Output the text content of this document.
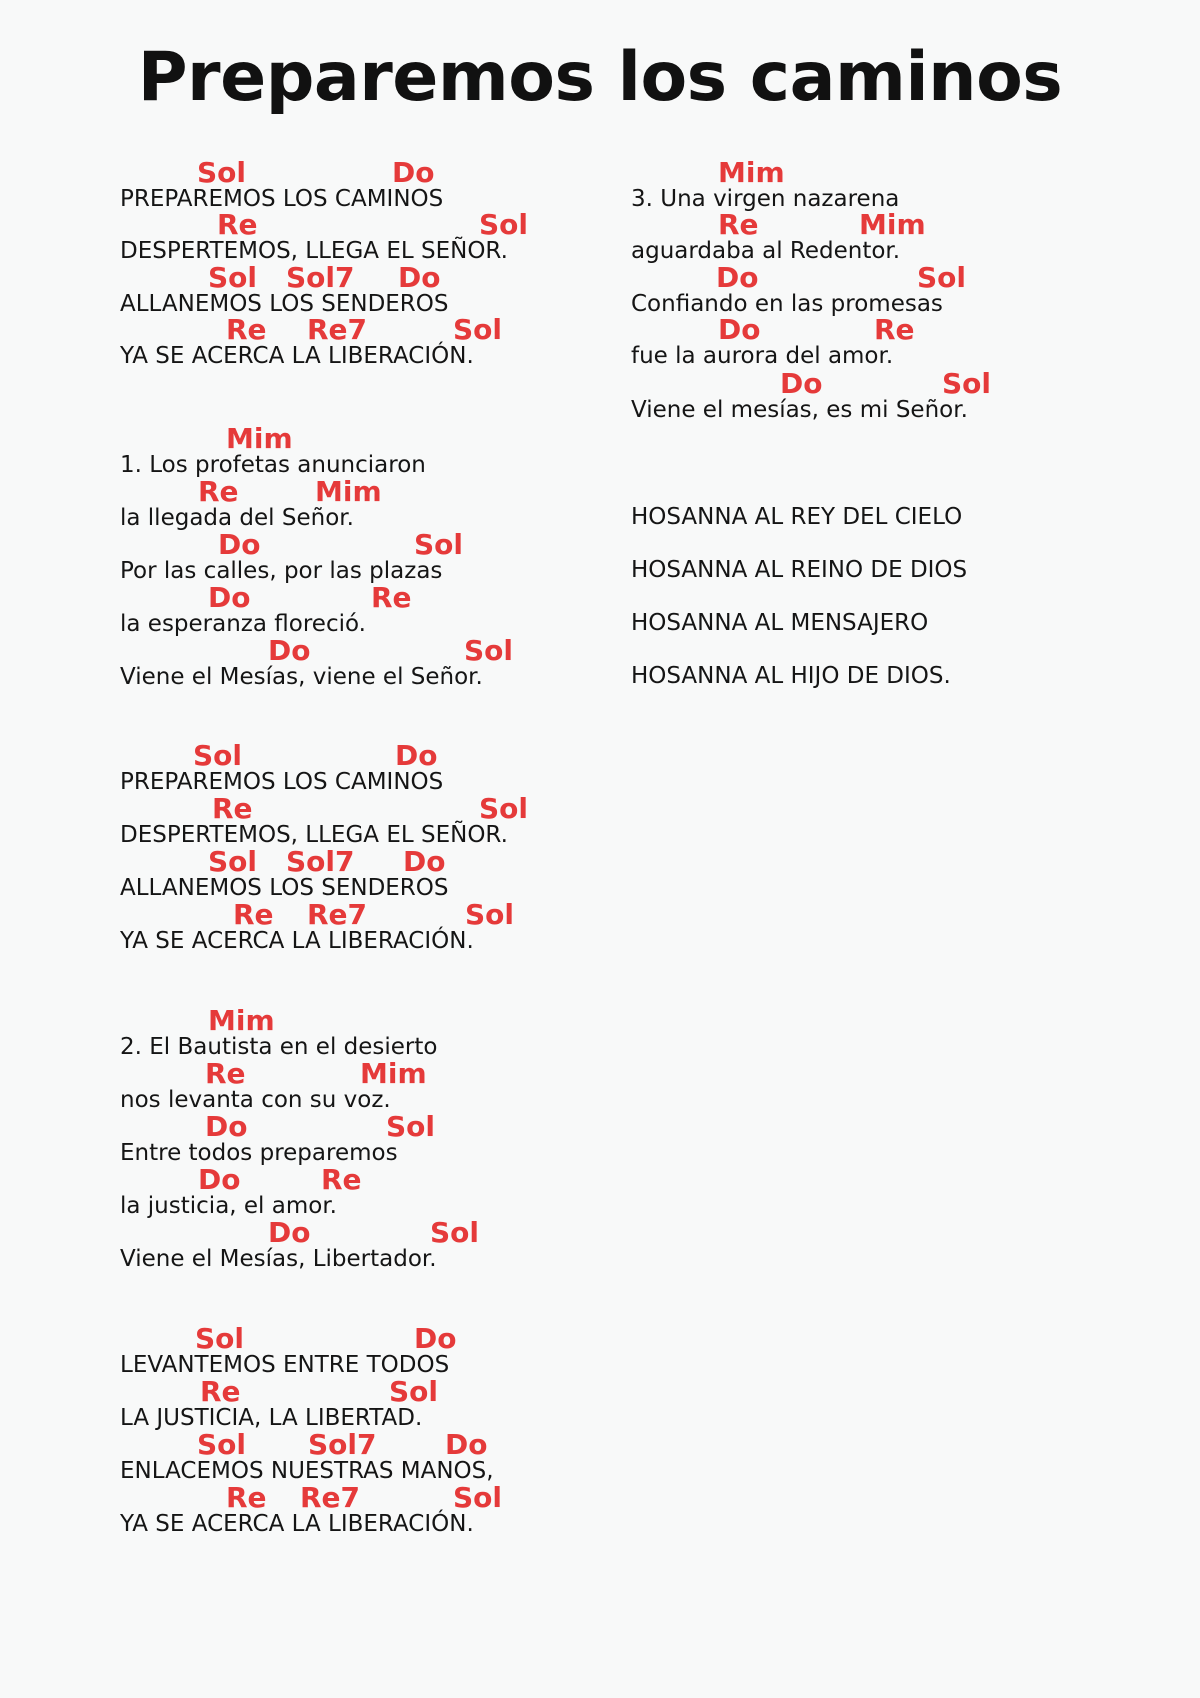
Preparemos los caminos
Sol	Do
PREPAREMOS LOS CAMINOS
Re	Sol
DESPERTEMOS, LLEGA EL SEÑOR.
Sol Sol7 Do
ALLANEMOS LOS SENDEROS
Re Re7	Sol
YA SE ACERCA LA LIBERACIÓN.
Mim
1. Los profetas anunciaron
Re	Mim
la llegada del Señor.
Do	Sol
Por las calles, por las plazas
Do	Re
la esperanza floreció.
Do	Sol
Viene el Mesías, viene el Señor.
Sol	Do
PREPAREMOS LOS CAMINOS
Re	Sol
DESPERTEMOS, LLEGA EL SEÑOR.
Sol Sol7 Do
ALLANEMOS LOS SENDEROS
Re Re7	Sol
YA SE ACERCA LA LIBERACIÓN.
Mim
2. El Bautista en el desierto
Re	Mim
nos levanta con su voz.
Do	Sol
Entre todos preparemos
Do	Re
la justicia, el amor.
Do	Sol
Viene el Mesías, Libertador.
Sol	Do
LEVANTEMOS ENTRE TODOS
Re	Sol
LA JUSTICIA, LA LIBERTAD.
Sol Sol7 Do
ENLACEMOS NUESTRAS MANOS,
Re Re7	Sol
YA SE ACERCA LA LIBERACIÓN.
Mim
3. Una virgen nazarena
Re	Mim
aguardaba al Redentor.
Do	Sol
Confiando en las promesas
Do	Re
fue la aurora del amor.
Do	Sol
Viene el mesías, es mi Señor.
HOSANNA AL REY DEL CIELO
HOSANNA AL REINO DE DIOS
HOSANNA AL MENSAJERO
HOSANNA AL HIJO DE DIOS.
